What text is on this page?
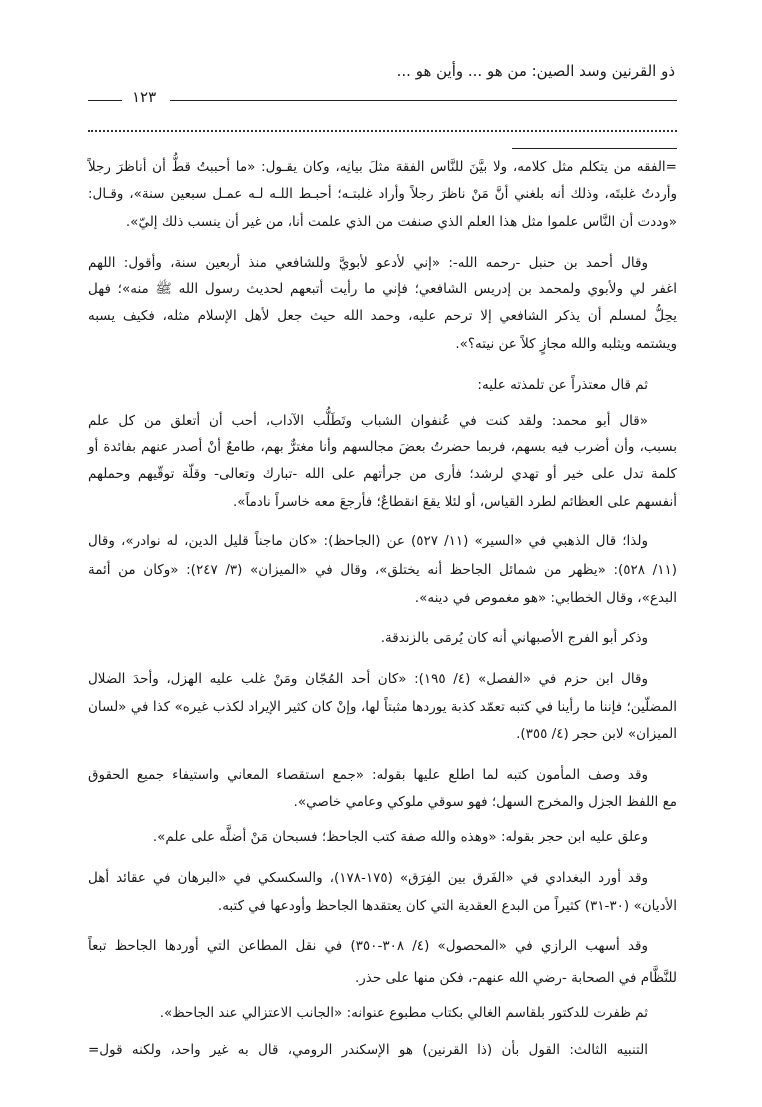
ذو القرنين وسد الصين: من هو ... وأين هو ...
١٢٣
=الفقه من يتكلم مثل كلامه، ولا بيَّنَ للنَّاس الفقهَ مثلَ بيانِه، وكان يقـول: «ما أحببتُ قطُّ أن أناظرَ رجلاً
وأردتُ غلبتَه، وذلك أنه بلغني أنَّ مَنْ ناظرَ رجلاً وأراد غلبتـه؛ أحبـط اللـه لـه عمـل سبعين سنة»، وقـال:
«وددت أن النَّاس علموا مثل هذا العلم الذي صنفت من الذي علمت أنا، من غير أن ينسب ذلك إليّ».
وقال أحمد بن حنبل -رحمه الله-: «إني لأدعو لأبويَّ وللشافعي منذ أربعين سنة، وأقول: اللهم
اغفر لي ولأبوي ولمحمد بن إدريس الشافعي؛ فإني ما رأيت أتبعهم لحديث رسول الله ﷺ منه»؛ فهل
يحِلُّ لمسلم أن يذكر الشافعي إلا ترحم عليه، وحمد الله حيث جعل لأهل الإسلام مثله، فكيف يسبه
ويشتمه ويثلبه والله مجازٍ كلاً عن نيته؟».
ثم قال معتذراً عن تلمذته عليه:
«قال أبو محمد: ولقد كنت في عُنفوان الشباب وتَطَلُّب الآداب، أحب أن أتعلق من كل علم
بسبب، وأن أضرب فيه بسهم، فربما حضرتُ بعضَ مجالسهم وأنا مغترٌّ بهم، طامعٌ أنْ أصدر عنهم بفائدة أو
كلمة تدل على خير أو تهدي لرشد؛ فأرى من جرأتهم على الله -تبارك وتعالى- وقلّة توقّيهم وحملهم
أنفسهم على العظائم لطرد القياس، أو لئلا يقعَ انقطاعٌ؛ فأرجعَ معه خاسراً نادماً».
ولذا؛ قال الذهبي في «السير» (١١/ ٥٢٧) عن (الجاحظ): «كان ماجناً قليل الدين، له نوادر»، وقال
(١١/ ٥٢٨): «يظهر من شمائل الجاحظ أنه يختلق»، وقال في «الميزان» (٣/ ٢٤٧): «وكان من أئمة
البدع»، وقال الخطابي: «هو مغموص في دينه».
وذكر أبو الفرج الأصبهاني أنه كان يُرمَى بالزندقة.
وقال ابن حزم في «الفصل» (٤/ ١٩٥): «كان أحد المُجّان ومَنْ غلب عليه الهزل، وأحدَ الضلال
المضلّين؛ فإننا ما رأينا في كتبه تعمّد كذبة يوردها مثبتاً لها، وإنْ كان كثير الإيراد لكذب غيره» كذا في «لسان
الميزان» لابن حجر (٤/ ٣٥٥).
وقد وصف المأمون كتبه لما اطلع عليها بقوله: «جمع استقصاء المعاني واستيفاء جميع الحقوق
مع اللفظ الجزل والمخرج السهل؛ فهو سوقي ملوكي وعامي خاصي».
وعلق عليه ابن حجر بقوله: «وهذه والله صفة كتب الجاحظ؛ فسبحان مَنْ أضلَّه على علم».
وقد أورد البغدادي في «الفَرق بين الفِرَق» (١٧٥-١٧٨)، والسكسكي في «البرهان في عقائد أهل
الأديان» (٣٠-٣١) كثيراً من البدع العقدية التي كان يعتقدها الجاحظ وأودعها في كتبه.
وقد أسهب الرازي في «المحصول» (٤/ ٣٠٨-٣٥٠) في نقل المطاعن التي أوردها الجاحظ تبعاً
للنَّظَّام في الصحابة -رضي الله عنهم-، فكن منها على حذر.
ثم ظفرت للدكتور بلقاسم الغالي بكتاب مطبوع عنوانه: «الجانب الاعتزالي عند الجاحظ».
التنبيه الثالث: القول بأن (ذا القرنين) هو الإسكندر الرومي، قال به غير واحد، ولكنه قول=
